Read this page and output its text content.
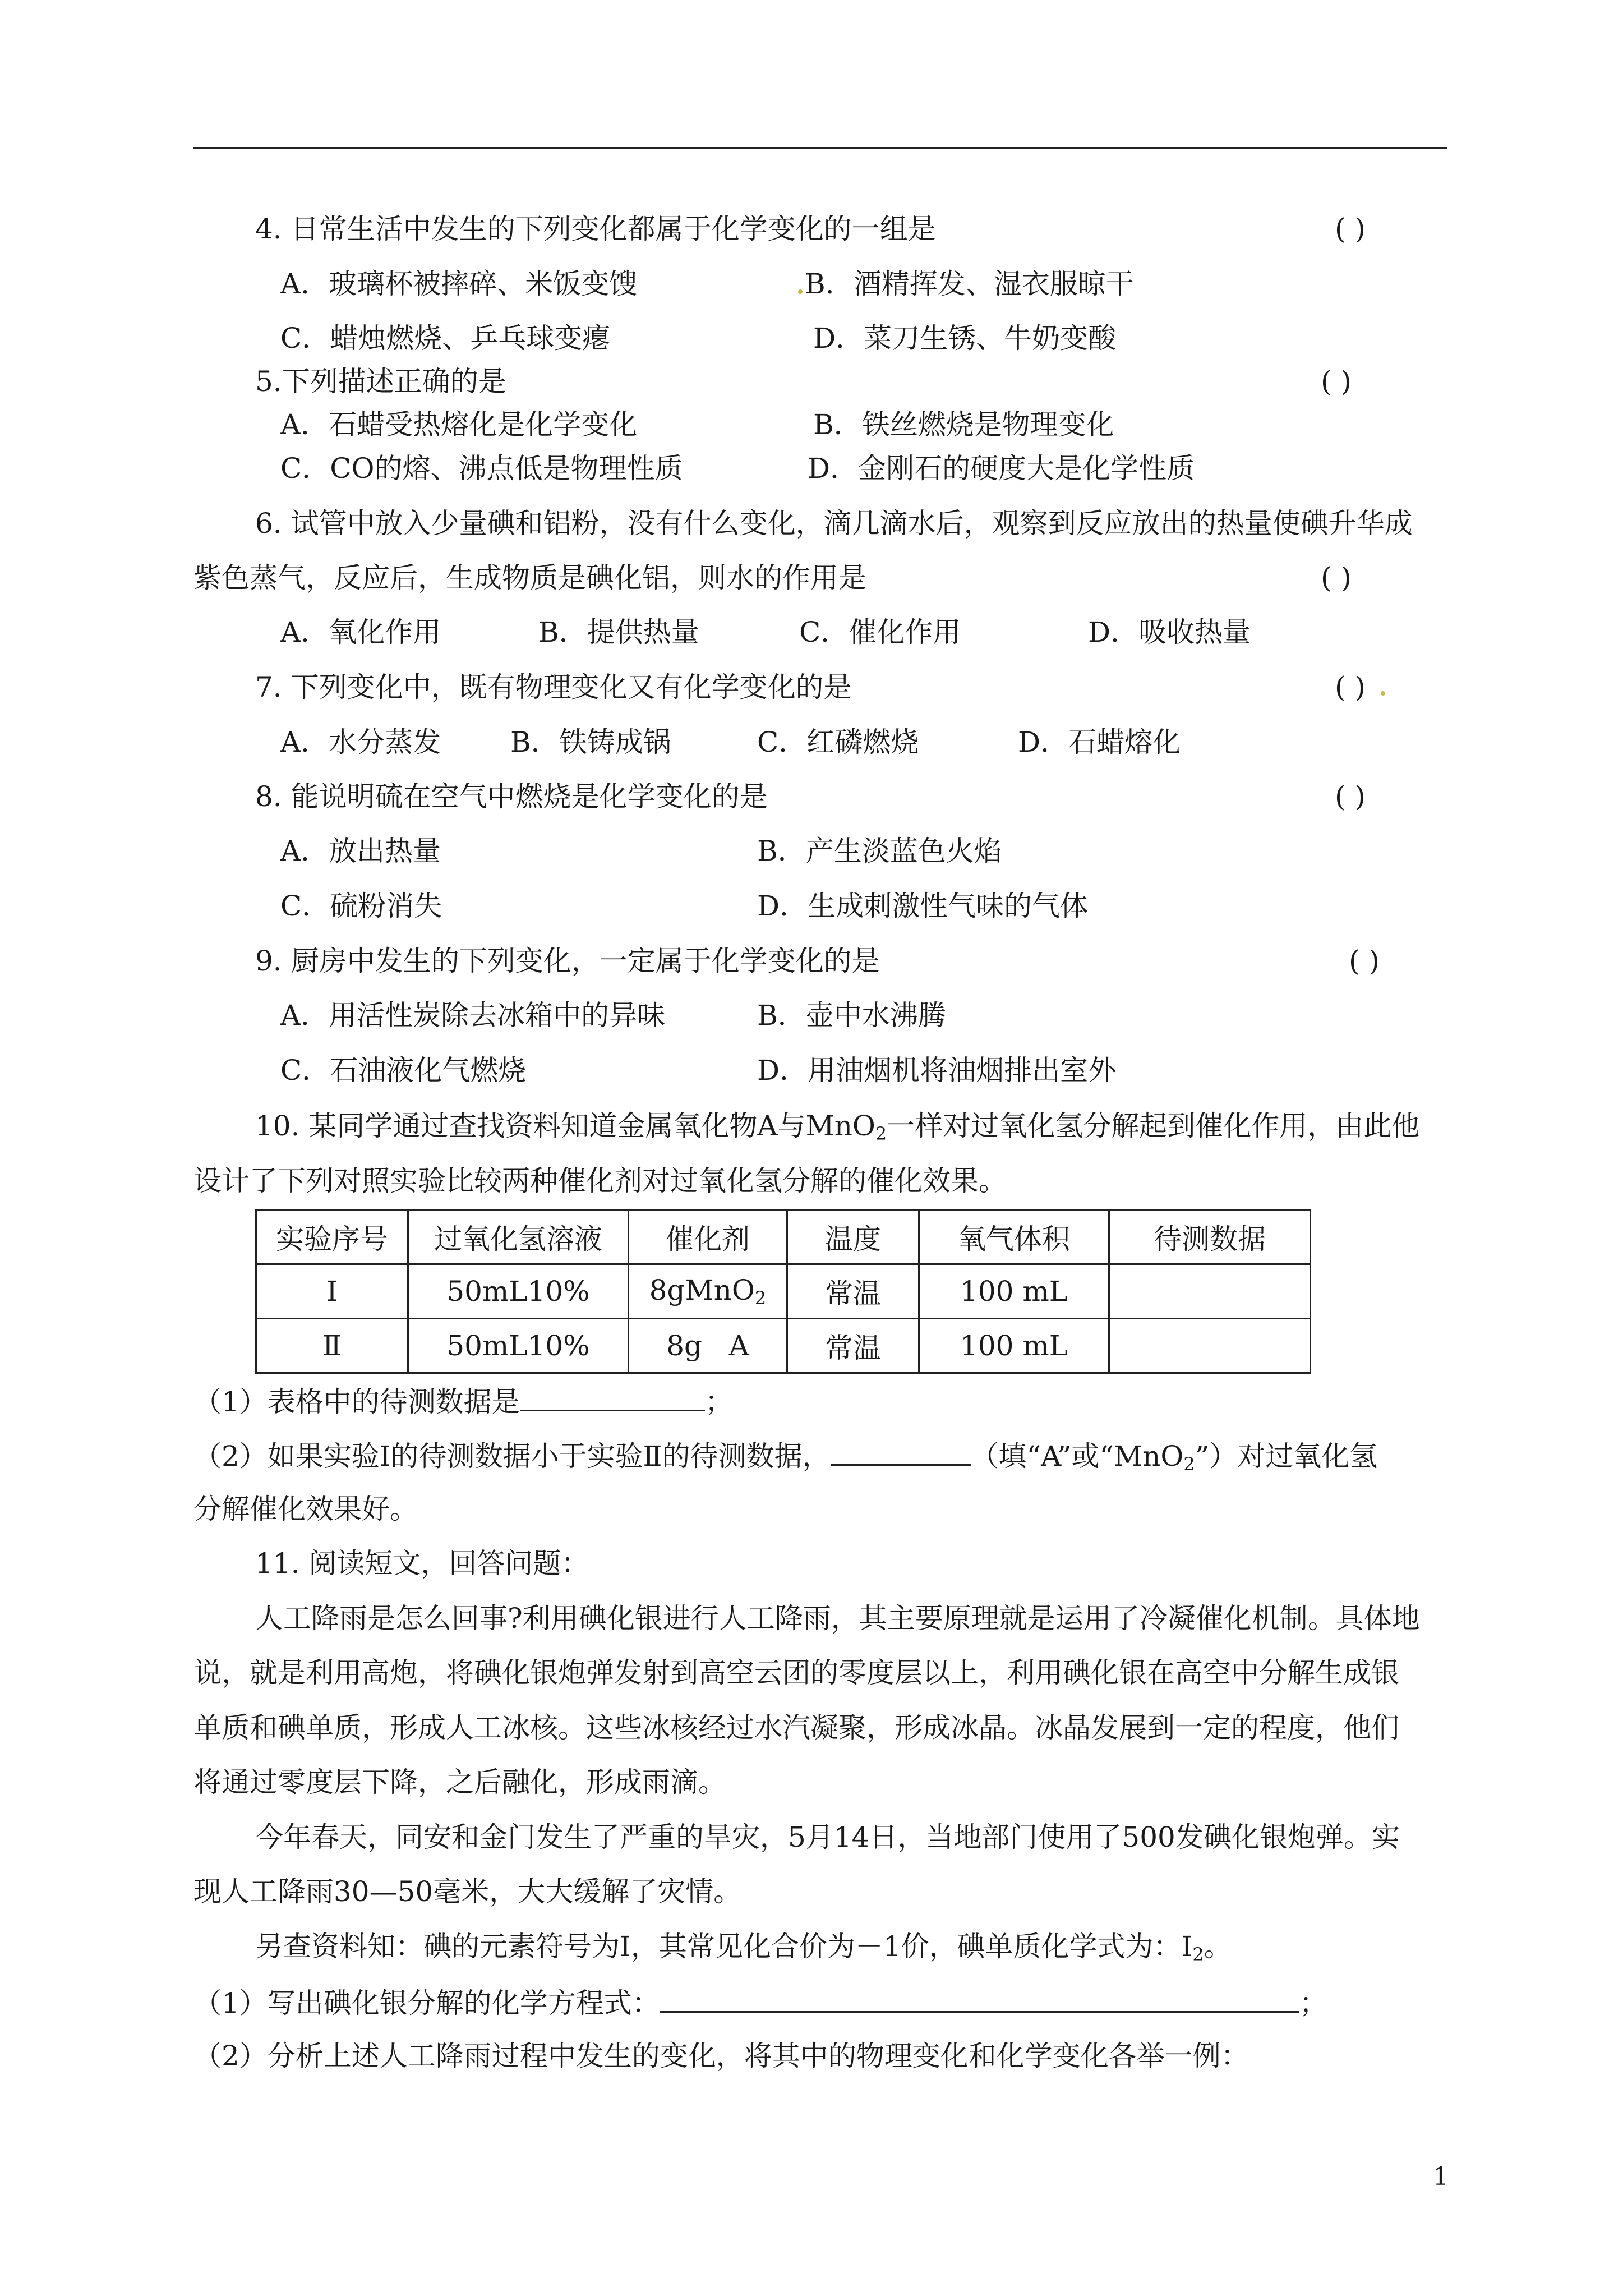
4. 日常生活中发生的下列变化都属于化学变化的一组是	( )
A．玻璃杯被摔碎、米饭变馊	B．酒精挥发、湿衣服晾干
C．蜡烛燃烧、乒乓球变瘪	D．菜刀生锈、牛奶变酸
5.下列描述正确的是	( )
A．石蜡受热熔化是化学变化	B．铁丝燃烧是物理变化
C．CO的熔、沸点低是物理性质	D．金刚石的硬度大是化学性质
6. 试管中放入少量碘和铝粉，没有什么变化，滴几滴水后，观察到反应放出的热量使碘升华成
紫色蒸气，反应后，生成物质是碘化铝，则水的作用是	( )
A．氧化作用	B．提供热量	C．催化作用	D．吸收热量
7. 下列变化中，既有物理变化又有化学变化的是	( )
A．水分蒸发 B．铁铸成锅	C．红磷燃烧	D．石蜡熔化
8. 能说明硫在空气中燃烧是化学变化的是	( )
A．放出热量	B．产生淡蓝色火焰
C．硫粉消失	D．生成刺激性气味的气体
9. 厨房中发生的下列变化，一定属于化学变化的是	( )
A．用活性炭除去冰箱中的异味	B．壶中水沸腾
C．石油液化气燃烧	D．用油烟机将油烟排出室外
10. 某同学通过查找资料知道金属氧化物A与MnO$_2$一样对过氧化氢分解起到催化作用，由此他
设计了下列对照实验比较两种催化剂对过氧化氢分解的催化效果。
实验序号	过氧化氢溶液	催化剂	温度	氧气体积	待测数据
Ⅰ	50mL10%	8gMnO$_2$	常温	100 mL	
Ⅱ	50mL10%	8g   A	常温	100 mL	
（1）表格中的待测数据是	；
（2）如果实验Ⅰ的待测数据小于实验Ⅱ的待测数据，	（填“A”或“MnO$_2$”）对过氧化氢
分解催化效果好。
11. 阅读短文，回答问题：
人工降雨是怎么回事?利用碘化银进行人工降雨，其主要原理就是运用了冷凝催化机制。具体地
说，就是利用高炮，将碘化银炮弹发射到高空云团的零度层以上，利用碘化银在高空中分解生成银
单质和碘单质，形成人工冰核。这些冰核经过水汽凝聚，形成冰晶。冰晶发展到一定的程度，他们
将通过零度层下降，之后融化，形成雨滴。
今年春天，同安和金门发生了严重的旱灾，5月14日，当地部门使用了500发碘化银炮弹。实
现人工降雨30—50毫米，大大缓解了灾情。
另查资料知：碘的元素符号为I，其常见化合价为－1价，碘单质化学式为：$I_2$。
（1）写出碘化银分解的化学方程式：	；
（2）分析上述人工降雨过程中发生的变化，将其中的物理变化和化学变化各举一例：
1
